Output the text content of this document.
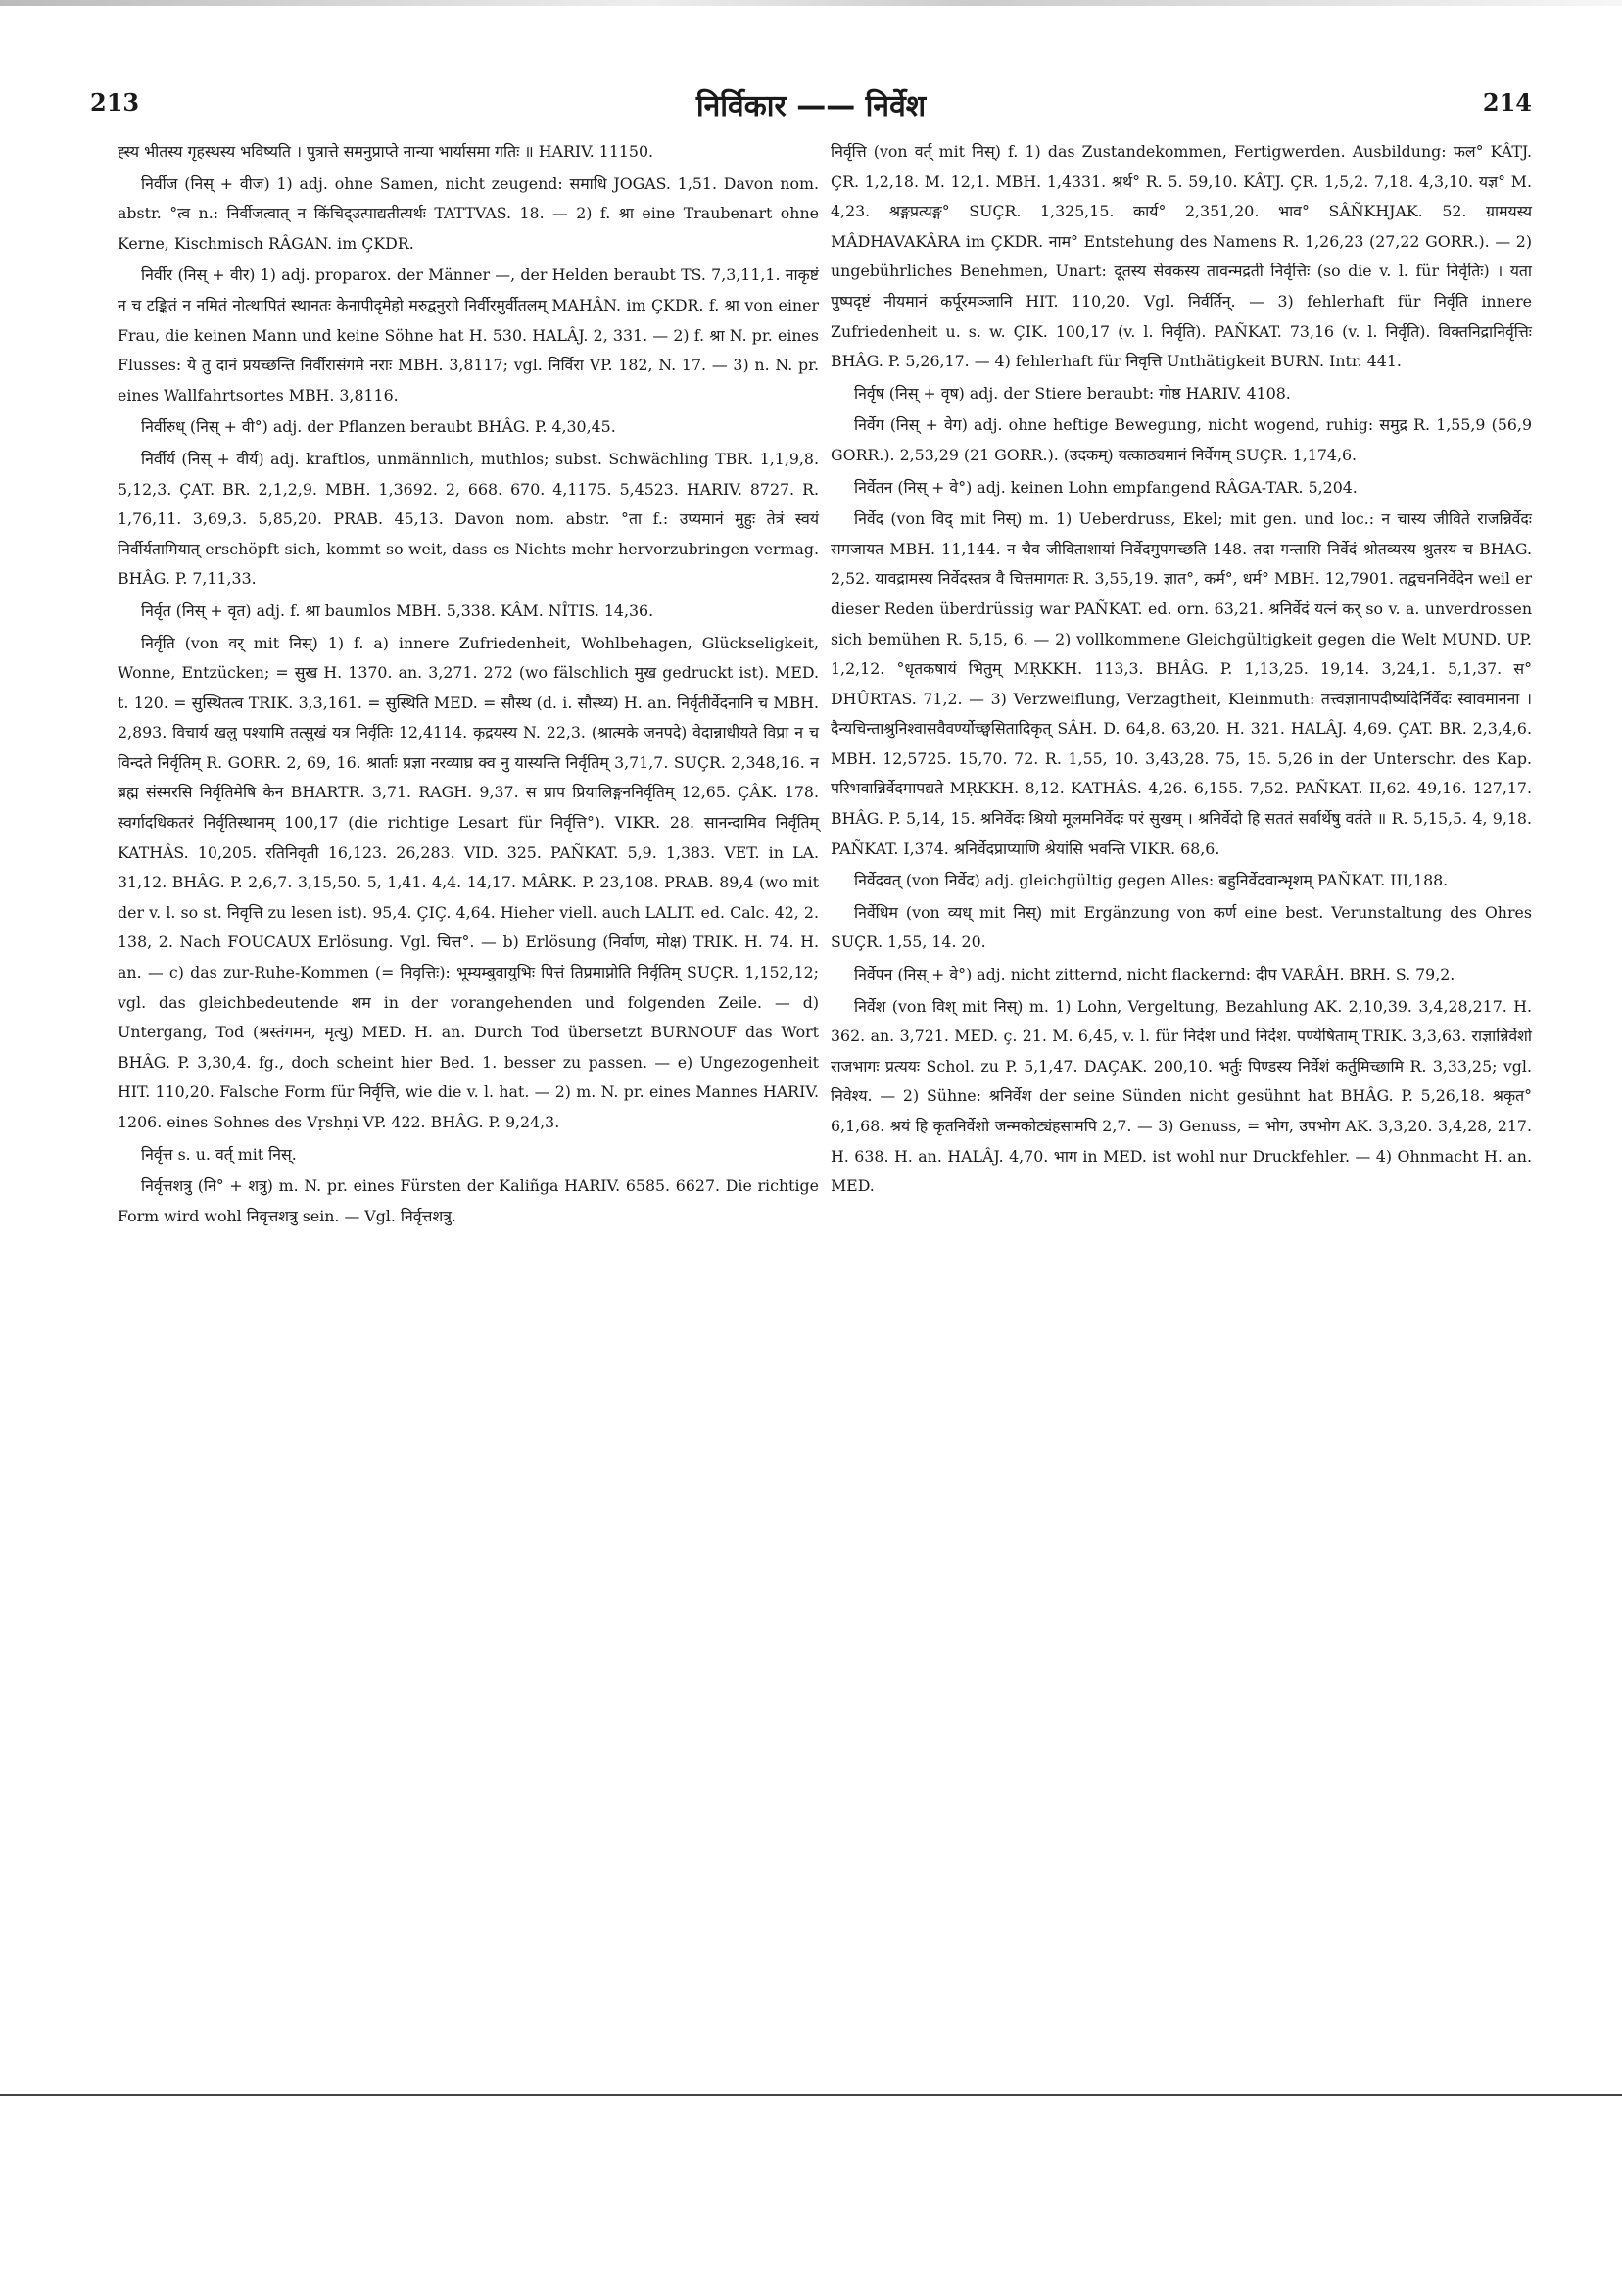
213	निर्विकार —— निर्वेश	214

ह्स्य भीतस्य गृहस्थस्य भविष्यति । पुत्रात्ते समनुप्राप्ते नान्या भार्यासमा गतिः ॥ HARIV. 11150.

निर्वीज (निस् + वीज) 1) adj. ohne Samen, nicht zeugend: समाधि JOGAS. 1,51. Davon nom. abstr. °त्व n.: निर्वीजत्वात् न किंचिद्उत्पाद्यतीत्यर्थः TATTVAS. 18. — 2) f. श्रा eine Traubenart ohne Kerne, Kischmisch RÂGAN. im ÇKDR.

निर्वीर (निस् + वीर) 1) adj. proparox. der Männer —, der Helden beraubt TS. 7,3,11,1. नाकृष्टं न च टङ्कितं न नमितं नोत्थापितं स्थानतः केनापीदृमेहो मरुद्वनुराो निर्वीरमुर्वीतलम् MAHÂN. im ÇKDR. f. श्रा von einer Frau, die keinen Mann und keine Söhne hat H. 530. HALÂJ. 2, 331. — 2) f. श्रा N. pr. eines Flusses: ये तु दानं प्रयच्छन्ति निर्वीरासंगमे नराः MBH. 3,8117; vgl. निर्विरा VP. 182, N. 17. — 3) n. N. pr. eines Wallfahrtsortes MBH. 3,8116.

निर्वीरुध् (निस् + वी°) adj. der Pflanzen beraubt BHÂG. P. 4,30,45.

निर्वीर्य (निस् + वीर्य) adj. kraftlos, unmännlich, muthlos; subst. Schwächling TBR. 1,1,9,8. 5,12,3. ÇAT. BR. 2,1,2,9. MBH. 1,3692. 2, 668. 670. 4,1175. 5,4523. HARIV. 8727. R. 1,76,11. 3,69,3. 5,85,20. PRAB. 45,13. Davon nom. abstr. °ता f.: उप्यमानं मुहुः तेत्रं स्वयं निर्वीर्यतामियात् erschöpft sich, kommt so weit, dass es Nichts mehr hervorzubringen vermag. BHÂG. P. 7,11,33.

निर्वृत (निस् + वृत) adj. f. श्रा baumlos MBH. 5,338. KÂM. NÎTIS. 14,36.

निर्वृति (von वर् mit निस्) 1) f. a) innere Zufriedenheit, Wohlbehagen, Glückseligkeit, Wonne, Entzücken; = सुख H. 1370. an. 3,271. 272 (wo fälschlich मुख gedruckt ist). MED. t. 120. = सुस्थितत्व TRIK. 3,3,161. = सुस्थिति MED. = सौस्थ (d. i. सौस्थ्य) H. an. निर्वृतीर्वेदनानि च MBH. 2,893. विचार्य खलु पश्यामि तत्सुखं यत्र निर्वृतिः 12,4114. कृद्रयस्य N. 22,3. (श्रात्मके जनपदे) वेदान्नाधीयते विप्रा न च विन्दते निर्वृतिम् R. GORR. 2, 69, 16. श्रार्ताः प्रज्ञा नरव्याघ्र क्व नु यास्यन्ति निर्वृतिम् 3,71,7. SUÇR. 2,348,16. न ब्रह्म संस्मरसि निर्वृतिमेषि केन BHARTR. 3,71. RAGH. 9,37. स प्राप प्रियालिङ्गननिर्वृतिम् 12,65. ÇÂK. 178. स्वर्गादधिकतरं निर्वृतिस्थानम् 100,17 (die richtige Lesart für निर्वृत्ति°). VIKR. 28. सानन्दामिव निर्वृतिम् KATHÂS. 10,205. रतिनिवृती 16,123. 26,283. VID. 325. PAÑKAT. 5,9. 1,383. VET. in LA. 31,12. BHÂG. P. 2,6,7. 3,15,50. 5, 1,41. 4,4. 14,17. MÂRK. P. 23,108. PRAB. 89,4 (wo mit der v. l. so st. निवृत्ति zu lesen ist). 95,4. ÇIÇ. 4,64. Hieher viell. auch LALIT. ed. Calc. 42, 2. 138, 2. Nach FOUCAUX Erlösung. Vgl. चित्त°. — b) Erlösung (निर्वाण, मोक्ष) TRIK. H. 74. H. an. — c) das zur-Ruhe-Kommen (= निवृत्तिः): भूम्यम्बुवायुभिः पित्तं तिप्रमाप्नोति निर्वृतिम् SUÇR. 1,152,12; vgl. das gleichbedeutende शम in der vorangehenden und folgenden Zeile. — d) Untergang, Tod (श्रस्तंगमन, मृत्यु) MED. H. an. Durch Tod übersetzt BURNOUF das Wort BHÂG. P. 3,30,4. fg., doch scheint hier Bed. 1. besser zu passen. — e) Ungezogenheit HIT. 110,20. Falsche Form für निर्वृत्ति, wie die v. l. hat. — 2) m. N. pr. eines Mannes HARIV. 1206. eines Sohnes des Vṛshṇi VP. 422. BHÂG. P. 9,24,3.

निर्वृत्त s. u. वर्त् mit निस्.

निर्वृत्तशत्रु (नि° + शत्रु) m. N. pr. eines Fürsten der Kaliñga HARIV. 6585. 6627. Die richtige Form wird wohl निवृत्तशत्रु sein. — Vgl. निर्वृत्तशत्रु.

निर्वृत्ति (von वर्त् mit निस्) f. 1) das Zustandekommen, Fertigwerden. Ausbildung: फल° KÂTJ. ÇR. 1,2,18. M. 12,1. MBH. 1,4331. श्रर्थ° R. 5. 59,10. KÂTJ. ÇR. 1,5,2. 7,18. 4,3,10. यज्ञ° M. 4,23. श्रङ्गप्रत्यङ्ग° SUÇR. 1,325,15. कार्य° 2,351,20. भाव° SÂÑKHJAK. 52. ग्रामयस्य MÂDHAVAKÂRA im ÇKDR. नाम° Entstehung des Namens R. 1,26,23 (27,22 GORR.). — 2) ungebührliches Benehmen, Unart: दूतस्य सेवकस्य तावन्मद्रती निर्वृत्तिः (so die v. l. für निर्वृतिः) । यता पुष्पदृष्टं नीयमानं कर्पूरमञ्जानि HIT. 110,20. Vgl. निर्वर्तिन्. — 3) fehlerhaft für निर्वृति innere Zufriedenheit u. s. w. ÇIK. 100,17 (v. l. निर्वृति). PAÑKAT. 73,16 (v. l. निर्वृति). विक्तनिद्रानिर्वृत्तिः BHÂG. P. 5,26,17. — 4) fehlerhaft für निवृत्ति Unthätigkeit BURN. Intr. 441.

निर्वृष (निस् + वृष) adj. der Stiere beraubt: गोष्ठ HARIV. 4108.

निर्वेग (निस् + वेग) adj. ohne heftige Bewegung, nicht wogend, ruhig: समुद्र R. 1,55,9 (56,9 GORR.). 2,53,29 (21 GORR.). (उदकम्) यत्काठ्यमानं निर्वेगम् SUÇR. 1,174,6.

निर्वेतन (निस् + वे°) adj. keinen Lohn empfangend RÂGA-TAR. 5,204.

निर्वेद (von विद् mit निस्) m. 1) Ueberdruss, Ekel; mit gen. und loc.: न चास्य जीविते राजन्निर्वेदः समजायत MBH. 11,144. न चैव जीविताशायां निर्वेदमुपगच्छति 148. तदा गन्तासि निर्वेदं श्रोतव्यस्य श्रुतस्य च BHAG. 2,52. यावद्रामस्य निर्वेदस्तत्र वै चित्तमागतः R. 3,55,19. ज्ञात°, कर्म°, धर्म° MBH. 12,7901. तद्वचननिर्वेदेन weil er dieser Reden überdrüssig war PAÑKAT. ed. orn. 63,21. श्रनिर्वेदं यत्नं कर् so v. a. unverdrossen sich bemühen R. 5,15, 6. — 2) vollkommene Gleichgültigkeit gegen die Welt MUND. UP. 1,2,12. °धृतकषायं भितुम् MṚKKH. 113,3. BHÂG. P. 1,13,25. 19,14. 3,24,1. 5,1,37. स° DHÛRTAS. 71,2. — 3) Verzweiflung, Verzagtheit, Kleinmuth: तत्त्वज्ञानापदीर्ष्यादेर्निर्वेदः स्वावमानना । दैन्यचिन्ताश्रुनिश्वासवैवर्ण्योच्छ्वसितादिकृत् SÂH. D. 64,8. 63,20. H. 321. HALÂJ. 4,69. ÇAT. BR. 2,3,4,6. MBH. 12,5725. 15,70. 72. R. 1,55, 10. 3,43,28. 75, 15. 5,26 in der Unterschr. des Kap. परिभवान्निर्वेदमापद्यते MṚKKH. 8,12. KATHÂS. 4,26. 6,155. 7,52. PAÑKAT. II,62. 49,16. 127,17. BHÂG. P. 5,14, 15. श्रनिर्वेदः श्रियो मूलमनिर्वेदः परं सुखम् । श्रनिर्वेदो हि सततं सर्वार्थेषु वर्तते ॥ R. 5,15,5. 4, 9,18. PAÑKAT. I,374. श्रनिर्वेदप्राप्याणि श्रेयांसि भवन्ति VIKR. 68,6.

निर्वेदवत् (von निर्वेद) adj. gleichgültig gegen Alles: बहुनिर्वेदवान्भृशम् PAÑKAT. III,188.

निर्वेधिम (von व्यध् mit निस्) mit Ergänzung von कर्ण eine best. Verunstaltung des Ohres SUÇR. 1,55, 14. 20.

निर्वेपन (निस् + वे°) adj. nicht zitternd, nicht flackernd: दीप VARÂH. BRH. S. 79,2.

निर्वेश (von विश् mit निस्) m. 1) Lohn, Vergeltung, Bezahlung AK. 2,10,39. 3,4,28,217. H. 362. an. 3,721. MED. ç. 21. M. 6,45, v. l. für निर्देश und निर्देश. पण्येषिताम् TRIK. 3,3,63. राज्ञान्निर्वेशो राजभागः प्रत्ययः Schol. zu P. 5,1,47. DAÇAK. 200,10. भर्तुः पिण्डस्य निर्वेशं कर्तुमिच्छामि R. 3,33,25; vgl. निवेश्य. — 2) Sühne: श्रनिर्वेश der seine Sünden nicht gesühnt hat BHÂG. P. 5,26,18. श्रकृत° 6,1,68. श्रयं हि कृतनिर्वेशो जन्मकोट्यंहसामपि 2,7. — 3) Genuss, = भोग, उपभोग AK. 3,3,20. 3,4,28, 217. H. 638. H. an. HALÂJ. 4,70. भाग in MED. ist wohl nur Druckfehler. — 4) Ohnmacht H. an. MED.
